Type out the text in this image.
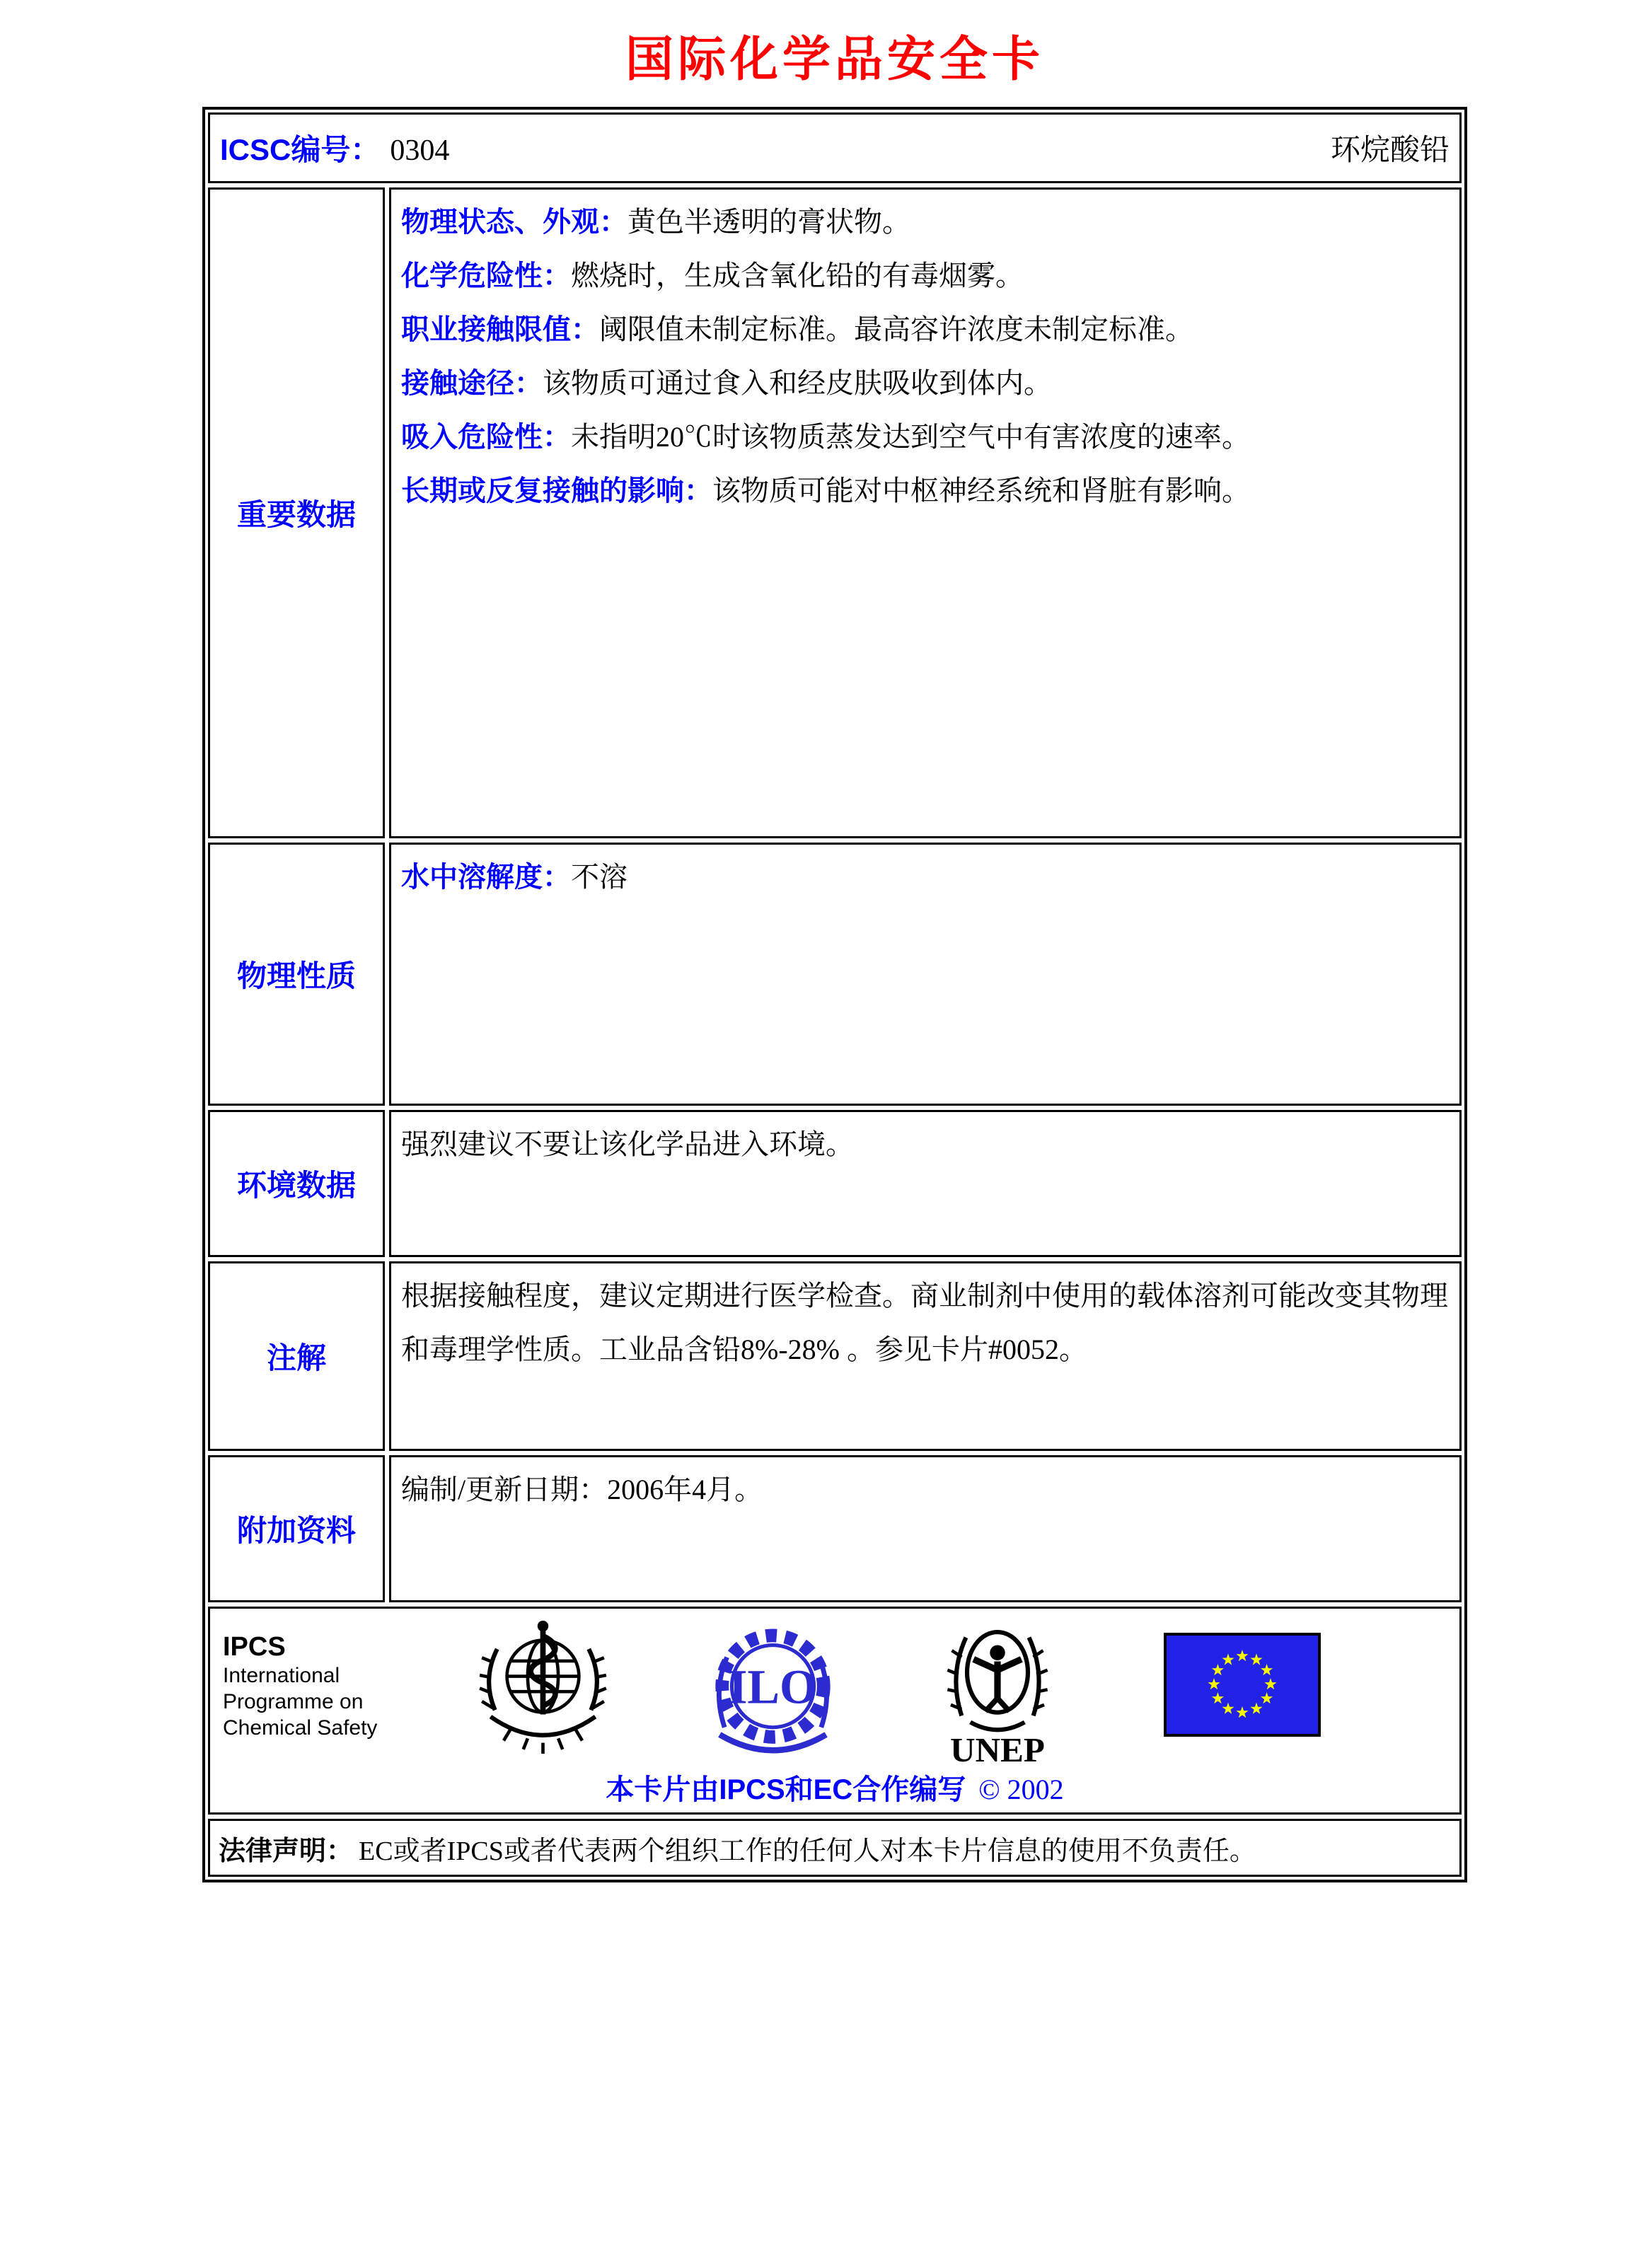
国际化学品安全卡
ICSC编号： 0304	环烷酸铅
重要数据
物理状态、外观：黄色半透明的膏状物。
化学危险性：燃烧时，生成含氧化铅的有毒烟雾。
职业接触限值：阈限值未制定标准。最高容许浓度未制定标准。
接触途径：该物质可通过食入和经皮肤吸收到体内。
吸入危险性：未指明20℃时该物质蒸发达到空气中有害浓度的速率。
长期或反复接触的影响：该物质可能对中枢神经系统和肾脏有影响。
物理性质
水中溶解度：不溶
环境数据
强烈建议不要让该化学品进入环境。
注解
根据接触程度，建议定期进行医学检查。商业制剂中使用的载体溶剂可能改变其物理和毒理学性质。工业品含铅8%-28% 。参见卡片#0052。
附加资料
编制/更新日期：2006年4月。
IPCS
International
Programme on
Chemical Safety
ILO
UNEP
本卡片由IPCS和EC合作编写 © 2002
法律声明： EC或者IPCS或者代表两个组织工作的任何人对本卡片信息的使用不负责任。
